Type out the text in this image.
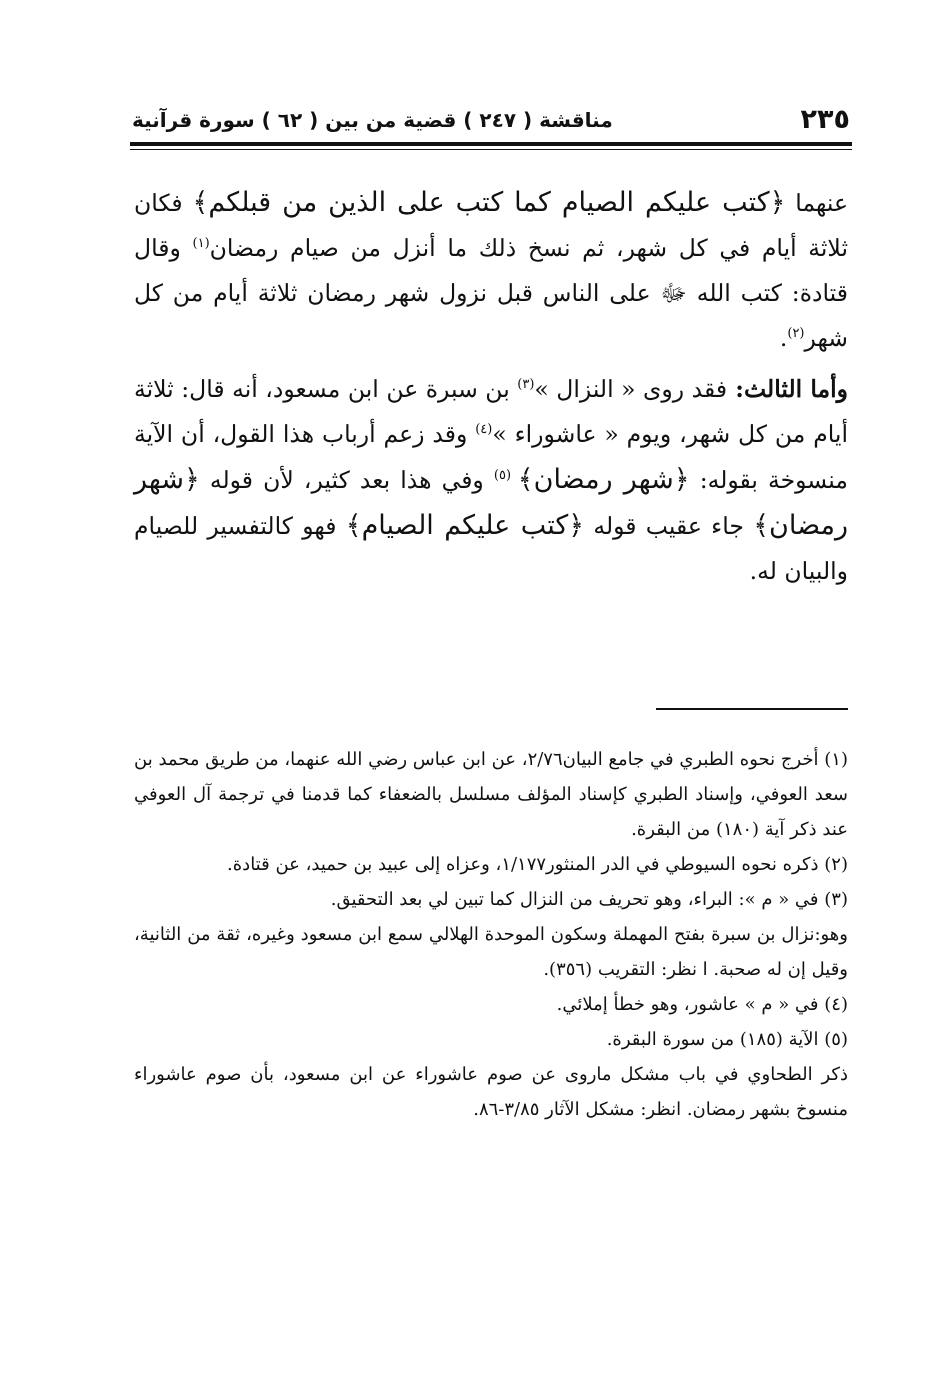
٢٣٥
مناقشة ( ٢٤٧ ) قضية من بين ( ٦٢ ) سورة قرآنية

عنهما ﴿كتب عليكم الصيام كما كتب على الذين من قبلكم﴾ فكان ثلاثة أيام في كل شهر، ثم نسخ ذلك ما أنزل من صيام رمضان$^{(١)}$ وقال قتادة: كتب الله ﷻ على الناس قبل نزول شهر رمضان ثلاثة أيام من كل شهر$^{(٢)}$.

وأما الثالث: فقد روى « النزال »$^{(٣)}$ بن سبرة عن ابن مسعود، أنه قال: ثلاثة أيام من كل شهر، ويوم « عاشوراء »$^{(٤)}$ وقد زعم أرباب هذا القول، أن الآية منسوخة بقوله: ﴿شهر رمضان﴾ $^{(٥)}$ وفي هذا بعد كثير، لأن قوله ﴿شهر رمضان﴾ جاء عقيب قوله ﴿كتب عليكم الصيام﴾ فهو كالتفسير للصيام والبيان له.

(١) أخرج نحوه الطبري في جامع البيان٢/٧٦، عن ابن عباس رضي الله عنهما، من طريق محمد بن سعد العوفي، وإسناد الطبري كإسناد المؤلف مسلسل بالضعفاء كما قدمنا في ترجمة آل العوفي عند ذكر آية (١٨٠) من البقرة.

(٢) ذكره نحوه السيوطي في الدر المنثور١/١٧٧، وعزاه إلى عبيد بن حميد، عن قتادة.

(٣) في « م »: البراء، وهو تحريف من النزال كما تبين لي بعد التحقيق.

وهو:نزال بن سبرة بفتح المهملة وسكون الموحدة الهلالي سمع ابن مسعود وغيره، ثقة من الثانية، وقيل إن له صحبة. ا نظر: التقريب (٣٥٦).

(٤) في « م » عاشور، وهو خطأ إملائي.

(٥) الآية (١٨٥) من سورة البقرة.

ذكر الطحاوي في باب مشكل ماروى عن صوم عاشوراء عن ابن مسعود، بأن صوم عاشوراء منسوخ بشهر رمضان. انظر: مشكل الآثار ٣/٨٥-٨٦.
